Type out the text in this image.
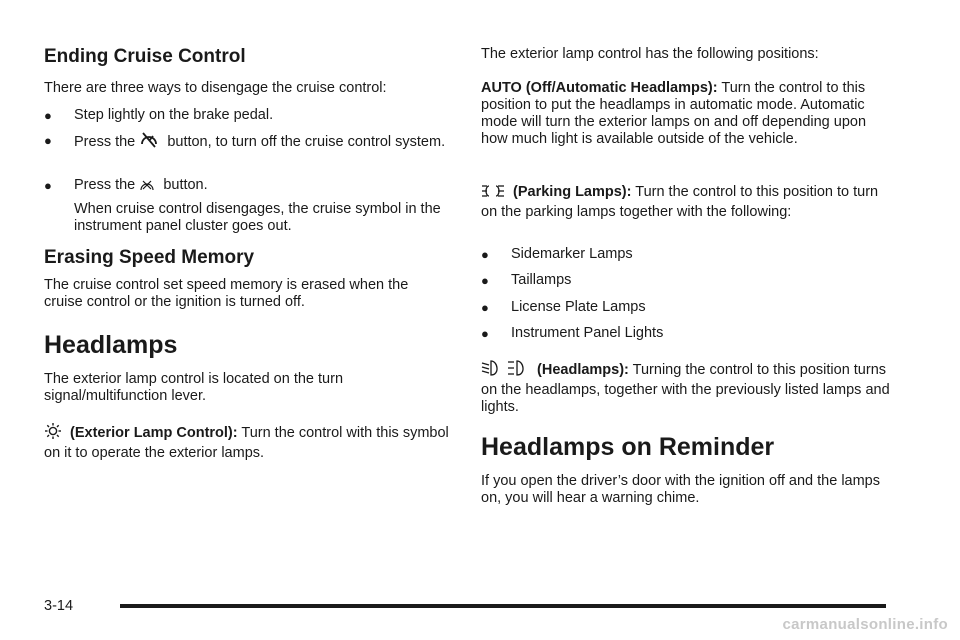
Ending Cruise Control

There are three ways to disengage the cruise control:

●	Step lightly on the brake pedal.
●	Press the button, to turn off the cruise control system.
●	Press the button.

When cruise control disengages, the cruise symbol in the instrument panel cluster goes out.

Erasing Speed Memory

The cruise control set speed memory is erased when the cruise control or the ignition is turned off.

Headlamps

The exterior lamp control is located on the turn signal/multifunction lever.

(Exterior Lamp Control): Turn the control with this symbol on it to operate the exterior lamps.

The exterior lamp control has the following positions:

AUTO (Off/Automatic Headlamps): Turn the control to this position to put the headlamps in automatic mode. Automatic mode will turn the exterior lamps on and off depending upon how much light is available outside of the vehicle.

(Parking Lamps): Turn the control to this position to turn on the parking lamps together with the following:

●	Sidemarker Lamps
●	Taillamps
●	License Plate Lamps
●	Instrument Panel Lights

(Headlamps): Turning the control to this position turns on the headlamps, together with the previously listed lamps and lights.

Headlamps on Reminder

If you open the driver’s door with the ignition off and the lamps on, you will hear a warning chime.

3-14
carmanualsonline.info
